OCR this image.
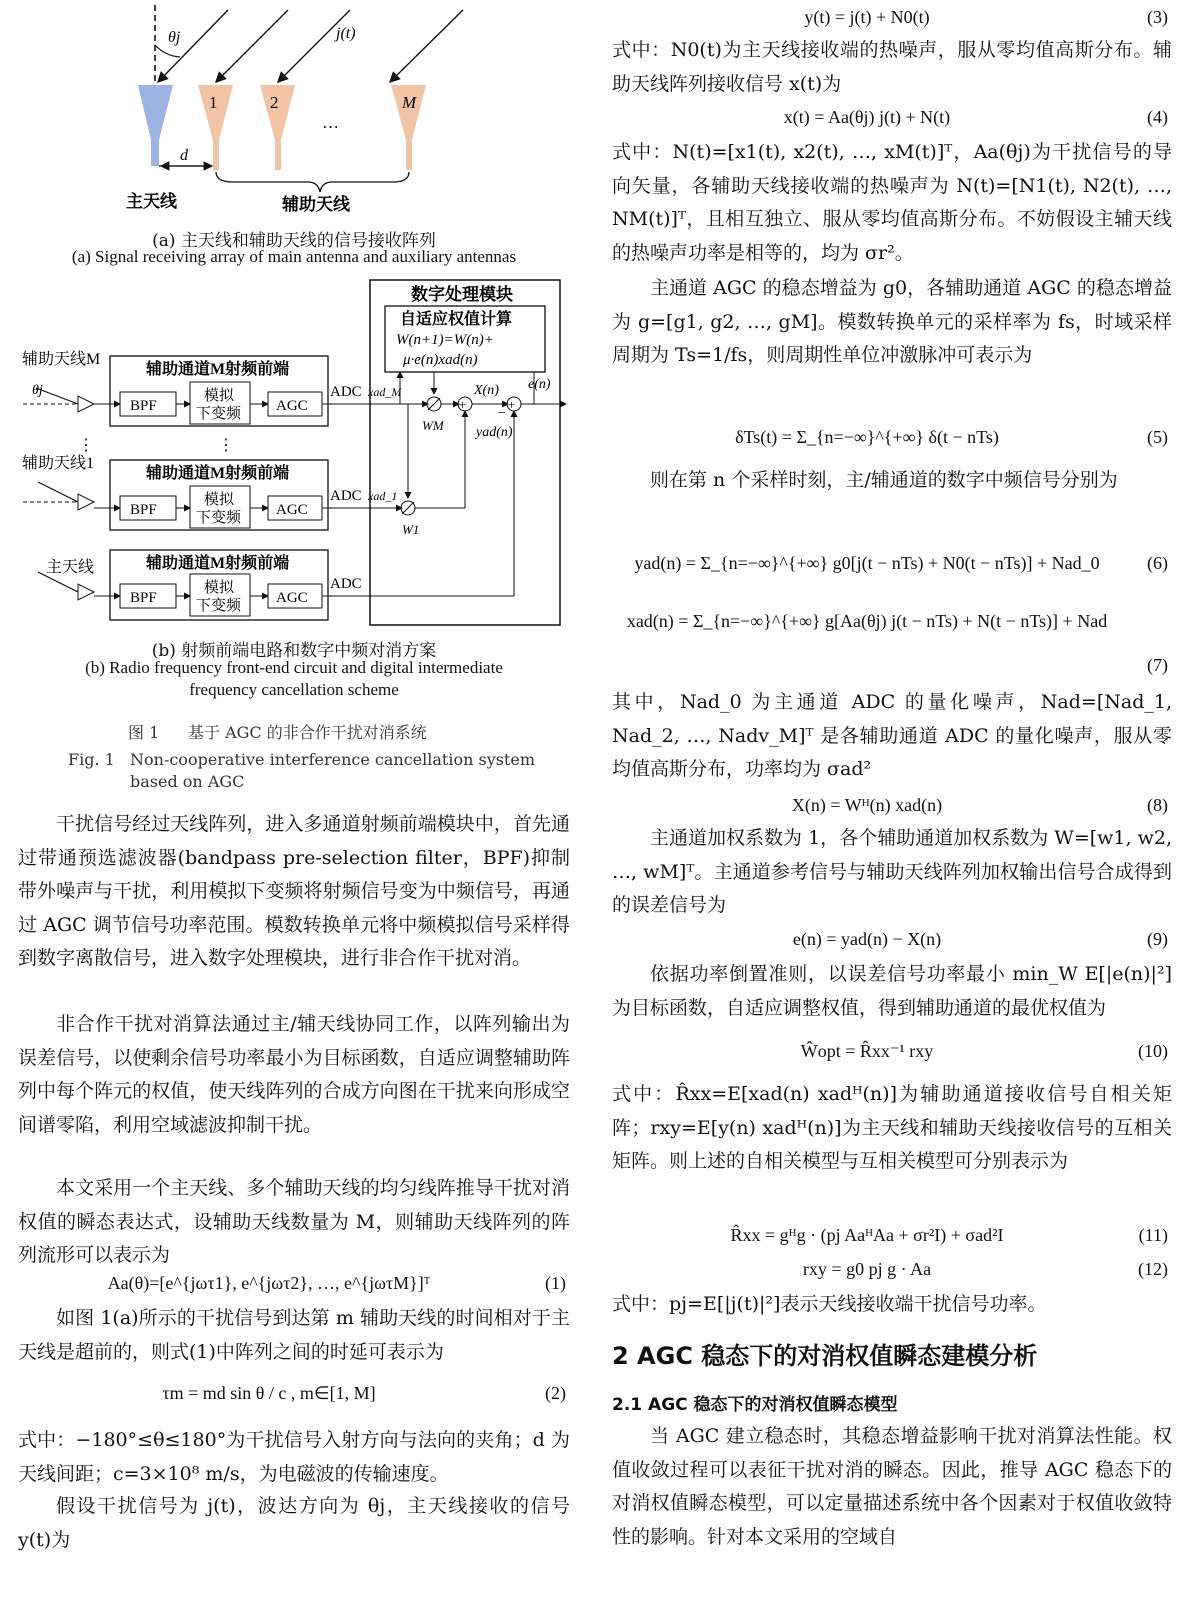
θj	j(t)
1	2	M
…
d
主天线	辅助天线
(a) 主天线和辅助天线的信号接收阵列
(a) Signal receiving array of main antenna and auxiliary antennas
数字处理模块
自适应权值计算
W(n+1)=W(n)+
μ·e(n)xad(n)
辅助天线M
θj
辅助通道M射频前端
BPF
模拟
下变频 AGC
ADC xad_M
WM
+
X(n)
+
−
yad(n)
e(n)
⋮	⋮
辅助天线1
辅助通道M射频前端
BPF
模拟
下变频 AGC
ADC xad_1
W1
主天线	辅助通道M射频前端
BPF
模拟
下变频 AGC
ADC
(b) 射频前端电路和数字中频对消方案
(b) Radio frequency front-end circuit and digital intermediate
frequency cancellation scheme
图 1 基于 AGC 的非合作干扰对消系统
Fig. 1 Non-cooperative interference cancellation system
based on AGC

干扰信号经过天线阵列，进入多通道射频前端模块中，首先通过带通预选滤波器(bandpass pre-selection filter，BPF)抑制带外噪声与干扰，利用模拟下变频将射频信号变为中频信号，再通过 AGC 调节信号功率范围。模数转换单元将中频模拟信号采样得到数字离散信号，进入数字处理模块，进行非合作干扰对消。

非合作干扰对消算法通过主/辅天线协同工作，以阵列输出为误差信号，以使剩余信号功率最小为目标函数，自适应调整辅助阵列中每个阵元的权值，使天线阵列的合成方向图在干扰来向形成空间谱零陷，利用空域滤波抑制干扰。

本文采用一个主天线、多个辅助天线的均匀线阵推导干扰对消权值的瞬态表达式，设辅助天线数量为 M，则辅助天线阵列的阵列流形可以表示为

Aa(θ)=[e^{jωτ1}, e^{jωτ2}, …, e^{jωτM}]ᵀ	(1)

如图 1(a)所示的干扰信号到达第 m 辅助天线的时间相对于主天线是超前的，则式(1)中阵列之间的时延可表示为

τm = md sin θ / c , m∈[1, M]	(2)

式中：−180°≤θ≤180°为干扰信号入射方向与法向的夹角；d 为天线间距；c=3×10⁸ m/s，为电磁波的传输速度。

假设干扰信号为 j(t)，波达方向为 θj，主天线接收的信号 y(t)为

y(t) = j(t) + N0(t)	(3)

式中：N0(t)为主天线接收端的热噪声，服从零均值高斯分布。辅助天线阵列接收信号 x(t)为

x(t) = Aa(θj) j(t) + N(t)	(4)

式中：N(t)=[x1(t), x2(t), …, xM(t)]ᵀ，Aa(θj)为干扰信号的导向矢量，各辅助天线接收端的热噪声为 N(t)=[N1(t), N2(t), …, NM(t)]ᵀ，且相互独立、服从零均值高斯分布。不妨假设主辅天线的热噪声功率是相等的，均为 σr²。

主通道 AGC 的稳态增益为 g0，各辅助通道 AGC 的稳态增益为 g=[g1, g2, …, gM]。模数转换单元的采样率为 fs，时域采样周期为 Ts=1/fs，则周期性单位冲激脉冲可表示为

δTs(t) = Σ_{n=−∞}^{+∞} δ(t − nTs)	(5)

则在第 n 个采样时刻，主/辅通道的数字中频信号分别为

yad(n) = Σ_{n=−∞}^{+∞} g0[j(t − nTs) + N0(t − nTs)] + Nad_0	(6)
xad(n) = Σ_{n=−∞}^{+∞} g[Aa(θj) j(t − nTs) + N(t − nTs)] + Nad
(7)

其中，Nad_0 为主通道 ADC 的量化噪声，Nad=[Nad_1, Nad_2, …, Nadv_M]ᵀ 是各辅助通道 ADC 的量化噪声，服从零均值高斯分布，功率均为 σad²

X(n) = Wᴴ(n) xad(n)	(8)

主通道加权系数为 1，各个辅助通道加权系数为 W=[w1, w2, …, wM]ᵀ。主通道参考信号与辅助天线阵列加权输出信号合成得到的误差信号为

e(n) = yad(n) − X(n)	(9)

依据功率倒置准则，以误差信号功率最小 min_W E[|e(n)|²] 为目标函数，自适应调整权值，得到辅助通道的最优权值为

Ŵopt = R̂xx⁻¹ rxy	(10)

式中：R̂xx=E[xad(n) xadᴴ(n)]为辅助通道接收信号自相关矩阵；rxy=E[y(n) xadᴴ(n)]为主天线和辅助天线接收信号的互相关矩阵。则上述的自相关模型与互相关模型可分别表示为

R̂xx = gᴴg · (pj AaᴴAa + σr²I) + σad²I	(11)
rxy = g0 pj g · Aa	(12)

式中：pj=E[|j(t)|²]表示天线接收端干扰信号功率。

2 AGC 稳态下的对消权值瞬态建模分析
2.1 AGC 稳态下的对消权值瞬态模型

当 AGC 建立稳态时，其稳态增益影响干扰对消算法性能。权值收敛过程可以表征干扰对消的瞬态。因此，推导 AGC 稳态下的对消权值瞬态模型，可以定量描述系统中各个因素对于权值收敛特性的影响。针对本文采用的空域自
